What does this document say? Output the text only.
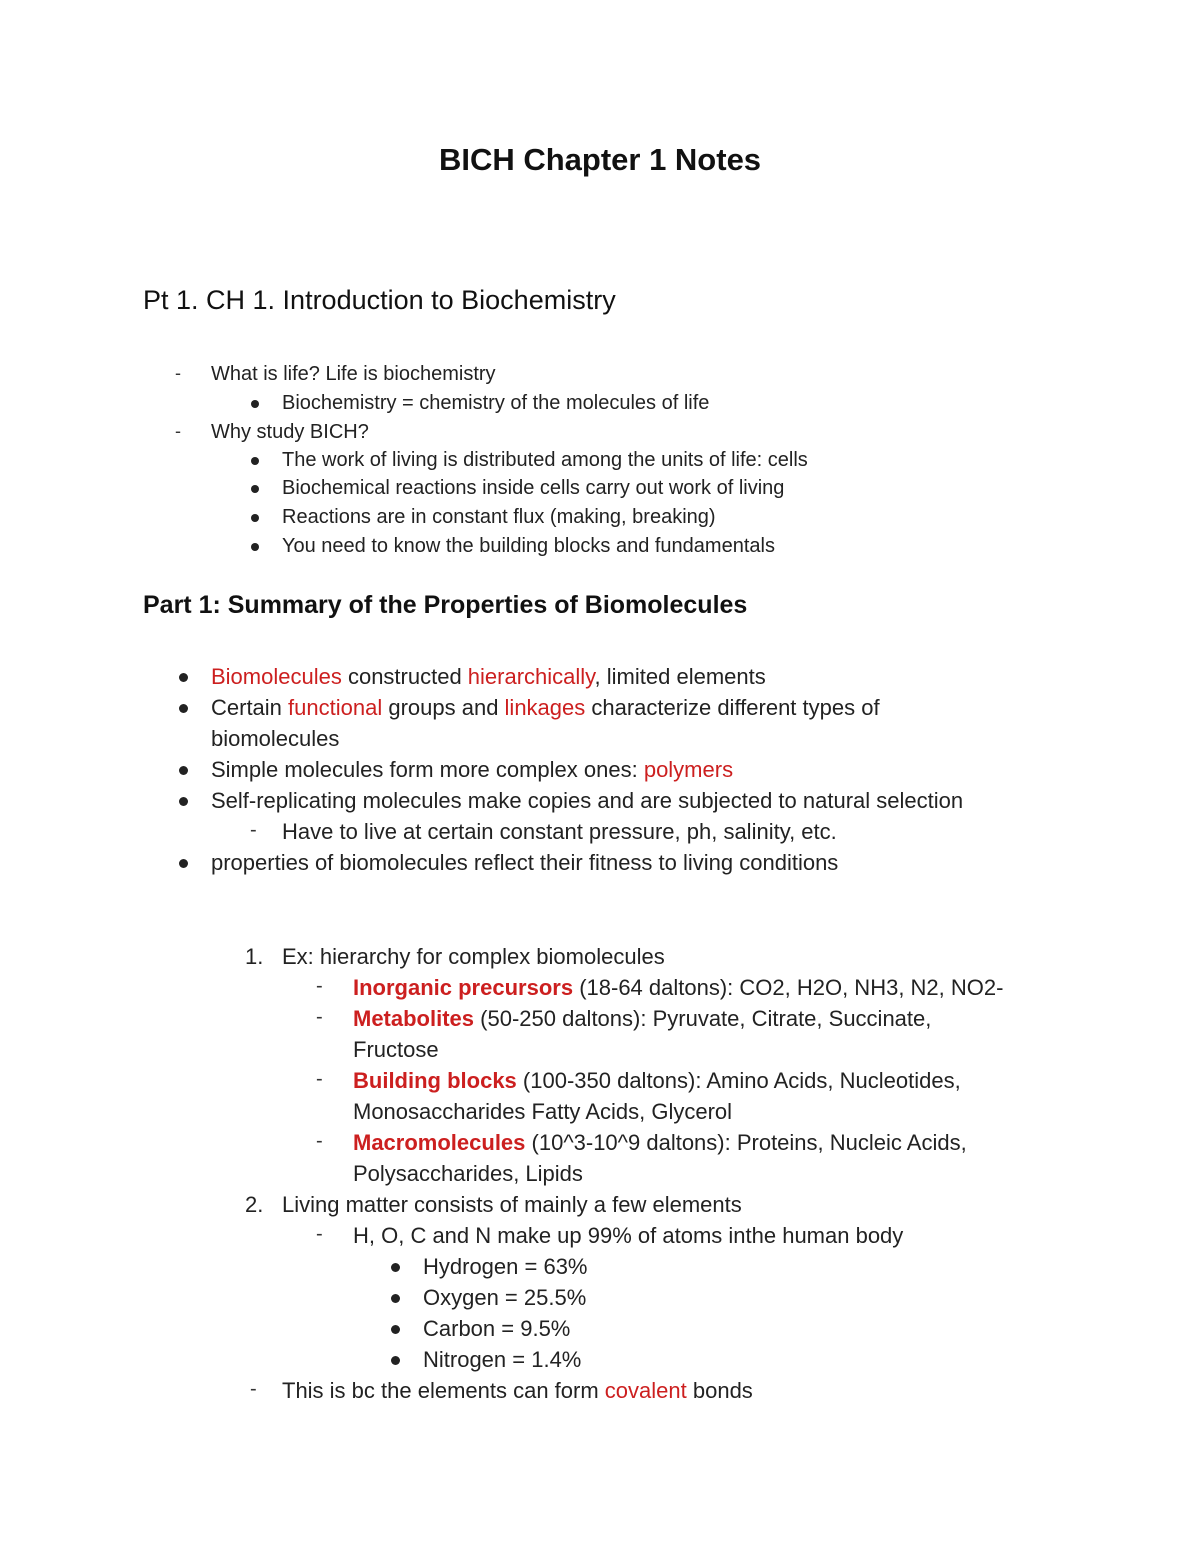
BICH Chapter 1 Notes
Pt 1. CH 1. Introduction to Biochemistry
- What is life? Life is biochemistry
Biochemistry = chemistry of the molecules of life
- Why study BICH?
The work of living is distributed among the units of life: cells
Biochemical reactions inside cells carry out work of living
Reactions are in constant flux (making, breaking)
You need to know the building blocks and fundamentals
Part 1: Summary of the Properties of Biomolecules
Biomolecules constructed hierarchically, limited elements
Certain functional groups and linkages characterize different types of
biomolecules
Simple molecules form more complex ones: polymers
Self-replicating molecules make copies and are subjected to natural selection
- Have to live at certain constant pressure, ph, salinity, etc.
properties of biomolecules reflect their fitness to living conditions
1. Ex: hierarchy for complex biomolecules
- Inorganic precursors (18-64 daltons): CO2, H2O, NH3, N2, NO2-
- Metabolites (50-250 daltons): Pyruvate, Citrate, Succinate,
Fructose
- Building blocks (100-350 daltons): Amino Acids, Nucleotides,
Monosaccharides Fatty Acids, Glycerol
- Macromolecules (10^3-10^9 daltons): Proteins, Nucleic Acids,
Polysaccharides, Lipids
2. Living matter consists of mainly a few elements
- H, O, C and N make up 99% of atoms inthe human body
Hydrogen = 63%
Oxygen = 25.5%
Carbon = 9.5%
Nitrogen = 1.4%
- This is bc the elements can form covalent bonds
